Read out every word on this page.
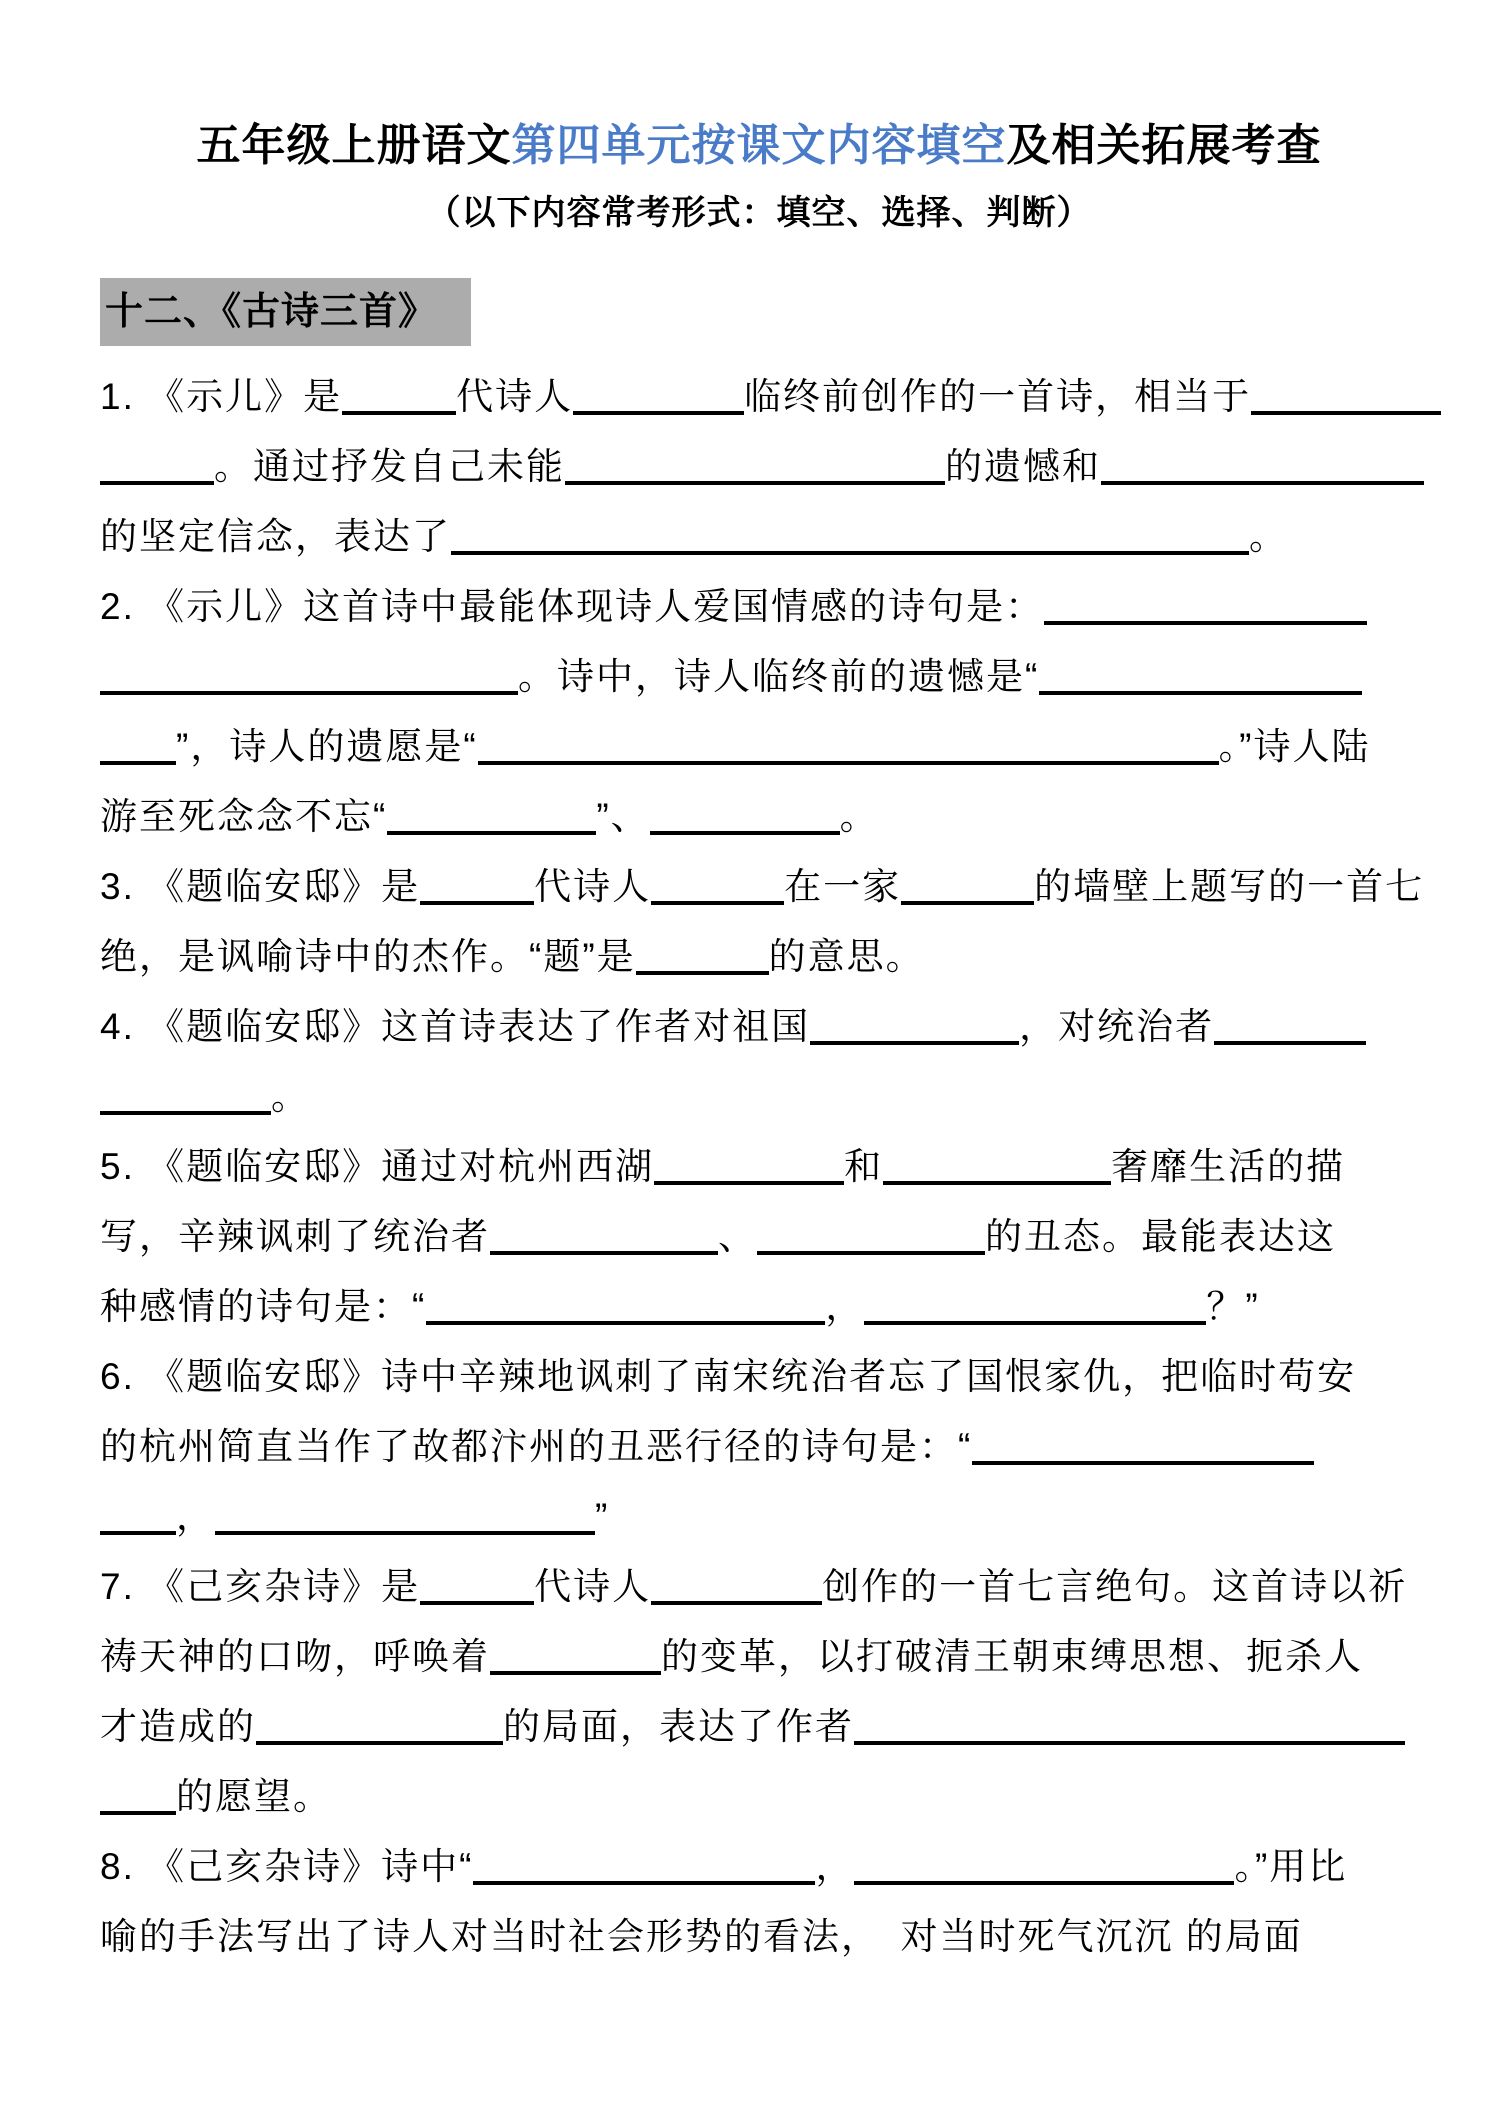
五年级上册语文第四单元按课文内容填空及相关拓展考查
（以下内容常考形式：填空、选择、判断）
十二、《古诗三首》
1. 《示儿》是	代诗人	临终前创作的一首诗，相当于
。通过抒发自己未能	的遗憾和
的坚定信念，表达了	。
2. 《示儿》这首诗中最能体现诗人爱国情感的诗句是：
。诗中，诗人临终前的遗憾是“
”，诗人的遗愿是“	。”诗人陆
游至死念念不忘“	”、	。
3. 《题临安邸》是	代诗人	在一家	的墙壁上题写的一首七
绝，是讽喻诗中的杰作。“题”是	的意思。
4. 《题临安邸》这首诗表达了作者对祖国	，对统治者
。
5. 《题临安邸》通过对杭州西湖	和	奢靡生活的描
写，辛辣讽刺了统治者	、	的丑态。最能表达这
种感情的诗句是：“	，	？”
6. 《题临安邸》诗中辛辣地讽刺了南宋统治者忘了国恨家仇，把临时苟安
的杭州简直当作了故都汴州的丑恶行径的诗句是：“
，	”
7. 《己亥杂诗》是	代诗人	创作的一首七言绝句。这首诗以祈
祷天神的口吻，呼唤着	的变革，以打破清王朝束缚思想、扼杀人
才造成的	的局面，表达了作者
的愿望。
8. 《己亥杂诗》诗中“	，	。”用比
喻的手法写出了诗人对当时社会形势的看法，　对当时死气沉沉 的局面
